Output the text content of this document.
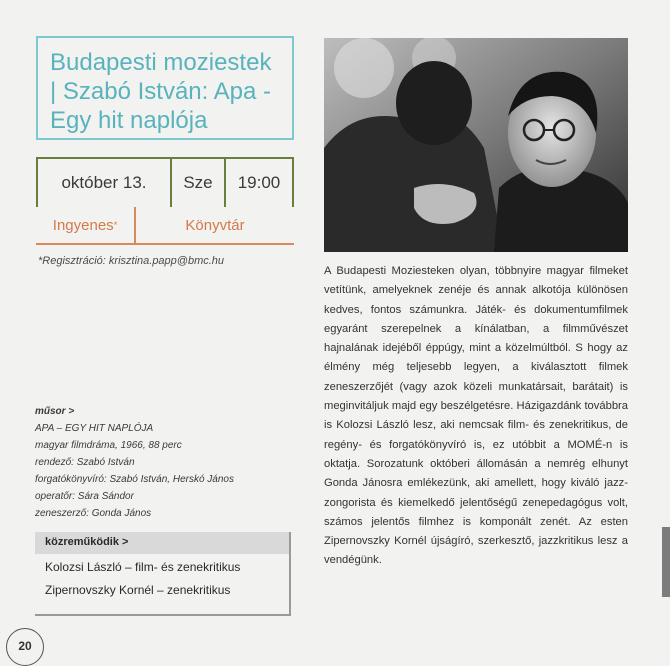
Budapesti moziestek | Szabó István: Apa - Egy hit naplója
október 13.	Sze	19:00
Ingyenes *	Könyvtár
*Regisztráció: krisztina.papp@bmc.hu
műsor >
APA – EGY HIT NAPLÓJA
magyar filmdráma, 1966, 88 perc
rendező: Szabó István
forgatókönyvíró: Szabó István, Herskó János
operatőr: Sára Sándor
zeneszerző: Gonda János
közreműködik >
Kolozsi László – film- és zenekritikus
Zipernovszky Kornél – zenekritikus
A Budapesti Moziesteken olyan, többnyire magyar filmeket vetítünk, amelyeknek zenéje és annak alkotója különösen kedves, fontos számunkra. Játék- és dokumentumfilmek egyaránt szerepelnek a kínálatban, a filmművészet hajnalának idejéből éppúgy, mint a közelmúltból. S hogy az élmény még teljesebb legyen, a kiválasztott filmek zeneszerzőjét (vagy azok közeli munkatársait, barátait) is meginvitáljuk majd egy beszélgetésre. Házigazdánk továbbra is Kolozsi László lesz, aki nemcsak film- és zenekritikus, de regény- és forgatókönyvíró is, ez utóbbit a MOMÉ-n is oktatja. Sorozatunk októberi állomásán a nemrég elhunyt Gonda Jánosra emlékezünk, aki amellett, hogy kiváló jazz-zongorista és kiemelkedő jelentőségű zenepedagógus volt, számos jelentős filmhez is komponált zenét. Az esten Zipernovszky Kornél újságíró, szerkesztő, jazzkritikus lesz a vendégünk.
20
